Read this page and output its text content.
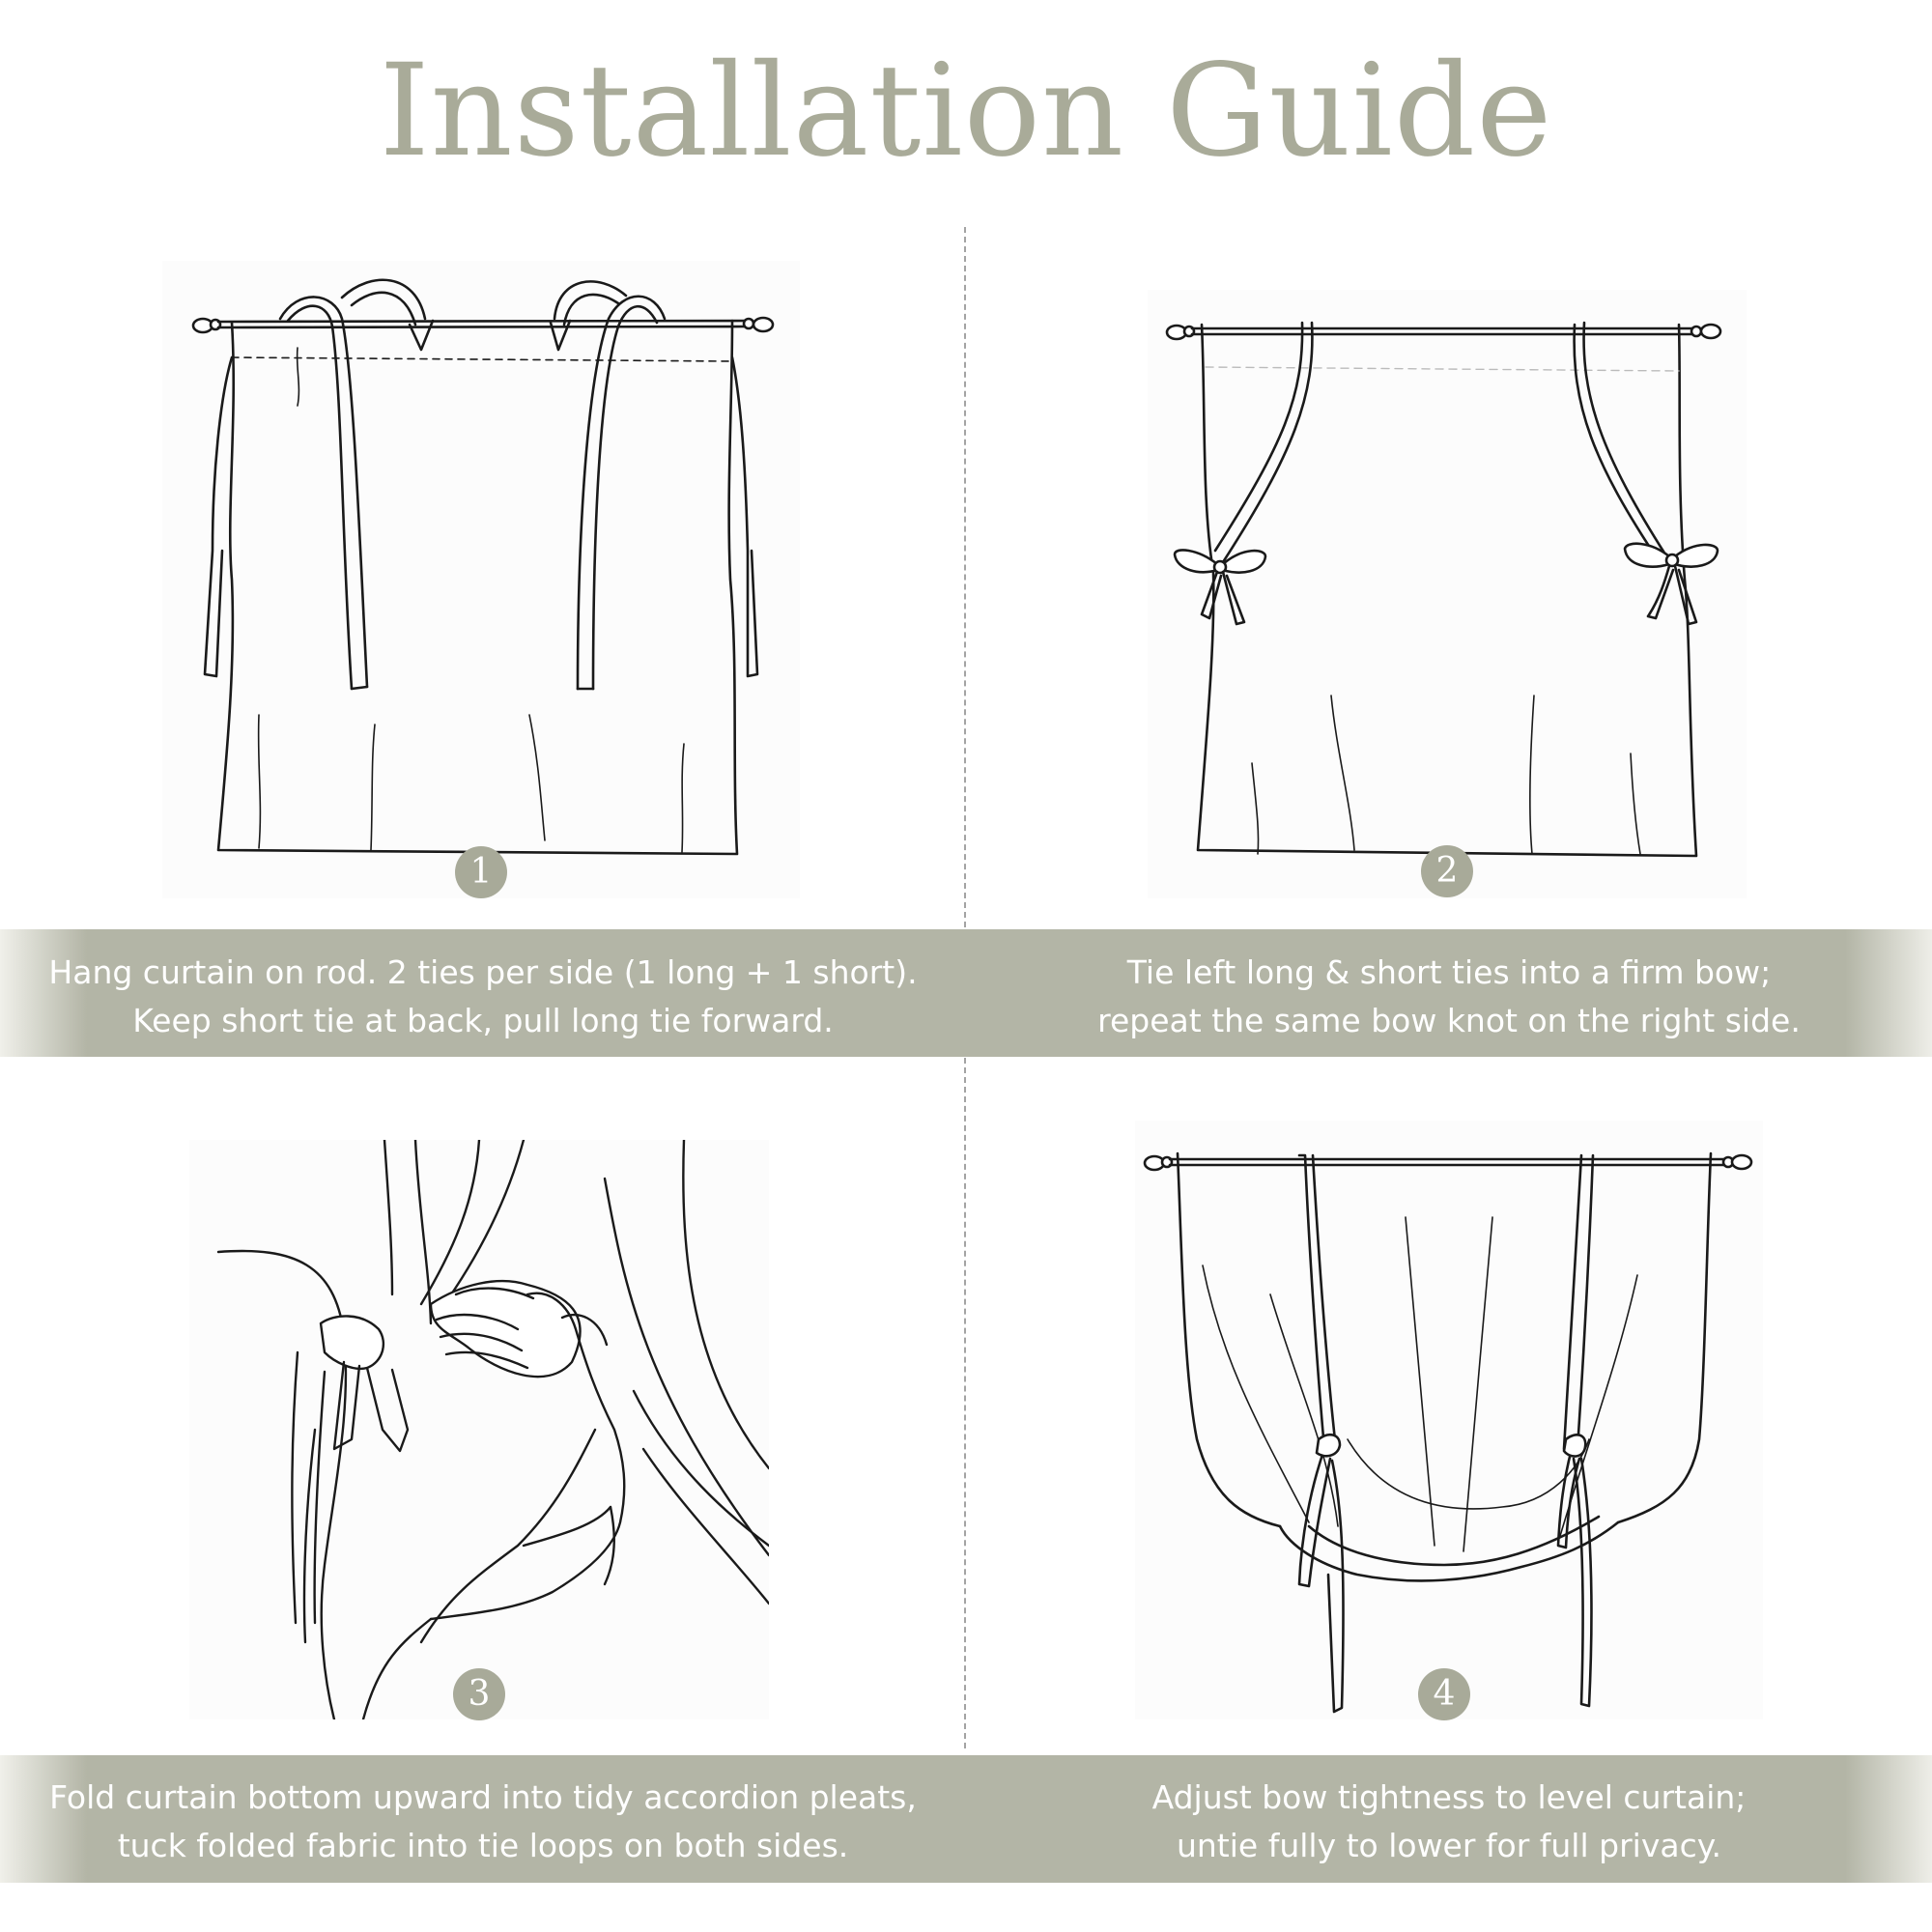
Installation Guide
1	2
Hang curtain on rod. 2 ties per side (1 long + 1 short).
Keep short tie at back, pull long tie forward.
Tie left long & short ties into a firm bow;
repeat the same bow knot on the right side.
3	4
Fold curtain bottom upward into tidy accordion pleats,
tuck folded fabric into tie loops on both sides.
Adjust bow tightness to level curtain;
untie fully to lower for full privacy.
